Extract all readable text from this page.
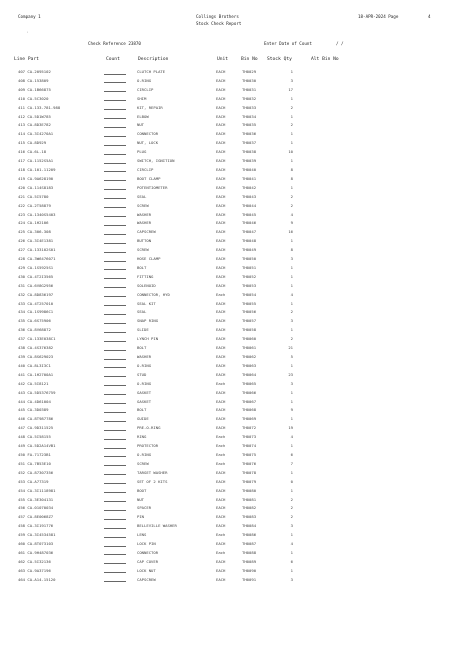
Company 1	Collings Brothers	18-APR-2024 Page	4
Stock Check Report
·
Check Reference 23870	Enter Date of Count	/ /
Line Part	Count	Description	Unit	Bin No Stock Qty	Alt Bin No
407 CA-2095102	CLUTCH PLATE	EACH	TH0029	1
408 CA-153809	O-RING	EACH	TH0030	3
409 CA-1B66875	CIRCLIP	EACH	TH0031	17
410 CA-5C3020	SHIM	EACH	TH0032	1
411 CA-133-781-988	KIT, REPAIR	EACH	TH0033	2
412 CA-5D1W785	ELBOW	EACH	TH0034	1
413 CA-8D3E782	NUT	EACH	TH0035	2
414 CA-3I4270A1	CONNECTOR	EACH	TH0036	1
415 CA-8D929	NUT, LOCK	EACH	TH0037	1
416 CA-6L-18	PLUG	EACH	TH0038	10
417 CA-1152S5A1	SWITCH, IGNITION	EACH	TH0039	1
418 CA-101-11209	CIRCLIP	EACH	TH0040	8
419 CA-9A628190	BOOT CLAMP	EACH	TH0041	8
420 CA-114S8183	POTENTIOMETER	EACH	TH0042	1
421 CA-5I5780	SEAL	EACH	TH0043	2
422 CA-2T58879	SCREW	EACH	TH0044	2
423 CA-1340S5403	WASHER	EACH	TH0045	4
424 CA-1H2106	WASHER	EACH	TH0046	9
425 CA-306-308	CAPSCREW	EACH	TH0047	16
426 CA-3I4E1381	BUTTON	EACH	TH0048	1
427 CA-133102S01	SCREW	EACH	TH0049	8
428 CA-3W6476071	HOSE CLAMP	EACH	TH0050	3
429 CA-1S5925S1	BOLT	EACH	TH0051	1
430 CA-4T2I3565	FITTING	EACH	TH0052	1
431 CA-6V8G2956	SOLENOID	EACH	TH0053	1
432 CA-8D836197	CONNECTOR, HYD	Each	TH0054	4
433 CA-4T257010	SEAL KIT	EACH	TH0055	1
434 CA-1S9986C1	SEAL	EACH	TH0056	2
435 CA-6S75906	SNAP RING	EACH	TH0057	3
436 CA-8V68872	SLIDE	EACH	TH0058	1
437 CA-133E038C1	LYNCH PIN	EACH	TH0060	2
438 CA-4S376382	BOLT	EACH	TH0061	21
439 CA-8S629023	WASHER	EACH	TH0062	5
440 CA-8L3I3C1	O-RING	EACH	TH0063	1
441 CA-1H2700A1	STUD	EACH	TH0064	23
442 CA-5I8121	O-RING	Each	TH0065	3
443 CA-5D5376759	GASKET	EACH	TH0066	1
444 CA-4D61004	GASKET	EACH	TH0067	1
445 CA-3D0389	BOLT	EACH	TH0068	9
446 CA-8T987786	GUIDE	EACH	TH0069	1
447 CA-9D311525	PRE-O-RING	EACH	TH0072	19
448 CA-5I58155	RING	Each	TH0073	4
449 CA-5D2A14VB1	PROTECTOR	Each	TH0074	1
450 FA-71723B1	O-RING	Each	TH0075	6
451 CA-7B53E10	SCREW	Each	TH0076	7
452 CA-87307356	TARGET WASHER	EACH	TH0078	1
453 CA-A77319	SET OF 2 KITS	EACH	TH0079	0
454 CA-3I1118981	BOOT	EACH	TH0080	1
455 CA-3E304131	NUT	EACH	TH0081	2
456 CA-01070034	SPACER	EACH	TH0082	2
457 CA-8E0068Z7	PIN	EACH	TH0083	2
458 CA-3I191776	BELLEVILLE WASHER	EACH	TH0084	3
459 CA-3I4534581	LENS	Each	TH0086	1
460 CA-8T073103	LOCK PIN	EACH	TH0087	4
461 CA-9H487036	CONNECTOR	Each	TH0088	1
462 CA-5I32136	CAP COVER	EACH	TH0089	6
463 CA-9A37196	LOCK NUT	EACH	TH0090	1
464 CA-A14-15120	CAPSCREW	EACH	TH0091	3
